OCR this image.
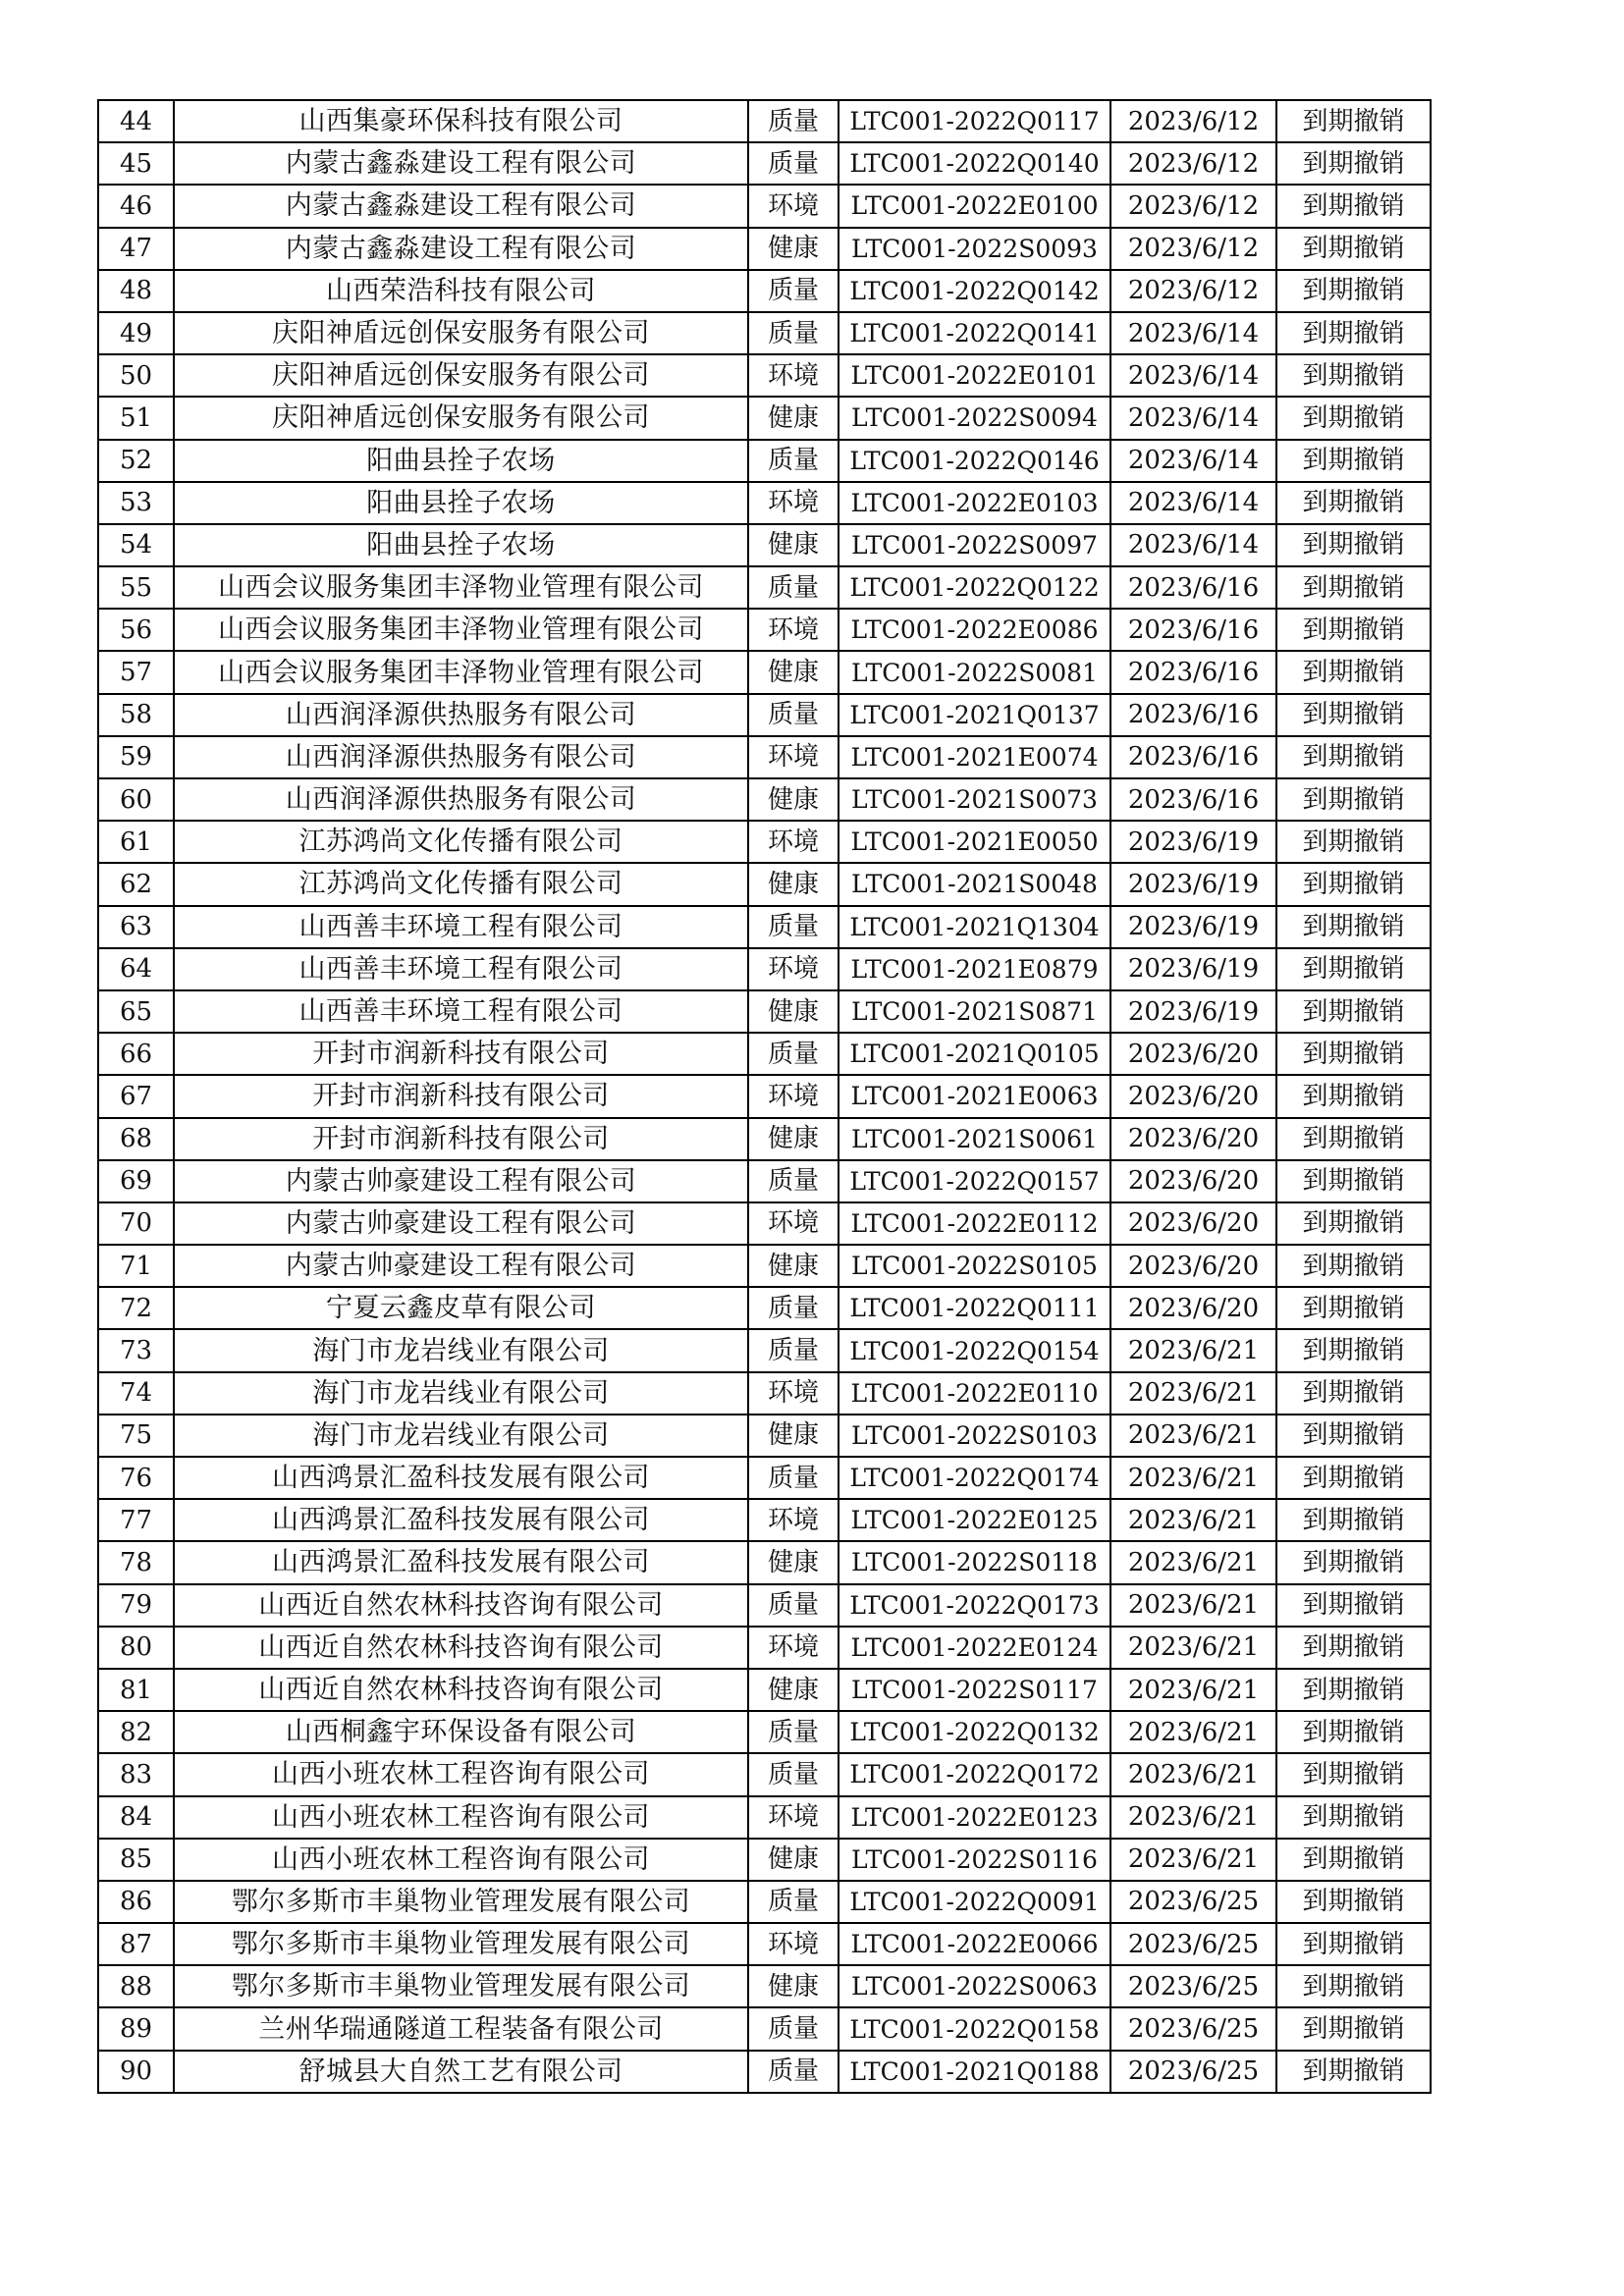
44	山西集豪环保科技有限公司	质量	LTC001-2022Q0117	2023/6/12	到期撤销
45	内蒙古鑫淼建设工程有限公司	质量	LTC001-2022Q0140	2023/6/12	到期撤销
46	内蒙古鑫淼建设工程有限公司	环境	LTC001-2022E0100	2023/6/12	到期撤销
47	内蒙古鑫淼建设工程有限公司	健康	LTC001-2022S0093	2023/6/12	到期撤销
48	山西荣浩科技有限公司	质量	LTC001-2022Q0142	2023/6/12	到期撤销
49	庆阳神盾远创保安服务有限公司	质量	LTC001-2022Q0141	2023/6/14	到期撤销
50	庆阳神盾远创保安服务有限公司	环境	LTC001-2022E0101	2023/6/14	到期撤销
51	庆阳神盾远创保安服务有限公司	健康	LTC001-2022S0094	2023/6/14	到期撤销
52	阳曲县拴子农场	质量	LTC001-2022Q0146	2023/6/14	到期撤销
53	阳曲县拴子农场	环境	LTC001-2022E0103	2023/6/14	到期撤销
54	阳曲县拴子农场	健康	LTC001-2022S0097	2023/6/14	到期撤销
55	山西会议服务集团丰泽物业管理有限公司	质量	LTC001-2022Q0122	2023/6/16	到期撤销
56	山西会议服务集团丰泽物业管理有限公司	环境	LTC001-2022E0086	2023/6/16	到期撤销
57	山西会议服务集团丰泽物业管理有限公司	健康	LTC001-2022S0081	2023/6/16	到期撤销
58	山西润泽源供热服务有限公司	质量	LTC001-2021Q0137	2023/6/16	到期撤销
59	山西润泽源供热服务有限公司	环境	LTC001-2021E0074	2023/6/16	到期撤销
60	山西润泽源供热服务有限公司	健康	LTC001-2021S0073	2023/6/16	到期撤销
61	江苏鸿尚文化传播有限公司	环境	LTC001-2021E0050	2023/6/19	到期撤销
62	江苏鸿尚文化传播有限公司	健康	LTC001-2021S0048	2023/6/19	到期撤销
63	山西善丰环境工程有限公司	质量	LTC001-2021Q1304	2023/6/19	到期撤销
64	山西善丰环境工程有限公司	环境	LTC001-2021E0879	2023/6/19	到期撤销
65	山西善丰环境工程有限公司	健康	LTC001-2021S0871	2023/6/19	到期撤销
66	开封市润新科技有限公司	质量	LTC001-2021Q0105	2023/6/20	到期撤销
67	开封市润新科技有限公司	环境	LTC001-2021E0063	2023/6/20	到期撤销
68	开封市润新科技有限公司	健康	LTC001-2021S0061	2023/6/20	到期撤销
69	内蒙古帅豪建设工程有限公司	质量	LTC001-2022Q0157	2023/6/20	到期撤销
70	内蒙古帅豪建设工程有限公司	环境	LTC001-2022E0112	2023/6/20	到期撤销
71	内蒙古帅豪建设工程有限公司	健康	LTC001-2022S0105	2023/6/20	到期撤销
72	宁夏云鑫皮草有限公司	质量	LTC001-2022Q0111	2023/6/20	到期撤销
73	海门市龙岩线业有限公司	质量	LTC001-2022Q0154	2023/6/21	到期撤销
74	海门市龙岩线业有限公司	环境	LTC001-2022E0110	2023/6/21	到期撤销
75	海门市龙岩线业有限公司	健康	LTC001-2022S0103	2023/6/21	到期撤销
76	山西鸿景汇盈科技发展有限公司	质量	LTC001-2022Q0174	2023/6/21	到期撤销
77	山西鸿景汇盈科技发展有限公司	环境	LTC001-2022E0125	2023/6/21	到期撤销
78	山西鸿景汇盈科技发展有限公司	健康	LTC001-2022S0118	2023/6/21	到期撤销
79	山西近自然农林科技咨询有限公司	质量	LTC001-2022Q0173	2023/6/21	到期撤销
80	山西近自然农林科技咨询有限公司	环境	LTC001-2022E0124	2023/6/21	到期撤销
81	山西近自然农林科技咨询有限公司	健康	LTC001-2022S0117	2023/6/21	到期撤销
82	山西桐鑫宇环保设备有限公司	质量	LTC001-2022Q0132	2023/6/21	到期撤销
83	山西小班农林工程咨询有限公司	质量	LTC001-2022Q0172	2023/6/21	到期撤销
84	山西小班农林工程咨询有限公司	环境	LTC001-2022E0123	2023/6/21	到期撤销
85	山西小班农林工程咨询有限公司	健康	LTC001-2022S0116	2023/6/21	到期撤销
86	鄂尔多斯市丰巢物业管理发展有限公司	质量	LTC001-2022Q0091	2023/6/25	到期撤销
87	鄂尔多斯市丰巢物业管理发展有限公司	环境	LTC001-2022E0066	2023/6/25	到期撤销
88	鄂尔多斯市丰巢物业管理发展有限公司	健康	LTC001-2022S0063	2023/6/25	到期撤销
89	兰州华瑞通隧道工程装备有限公司	质量	LTC001-2022Q0158	2023/6/25	到期撤销
90	舒城县大自然工艺有限公司	质量	LTC001-2021Q0188	2023/6/25	到期撤销
